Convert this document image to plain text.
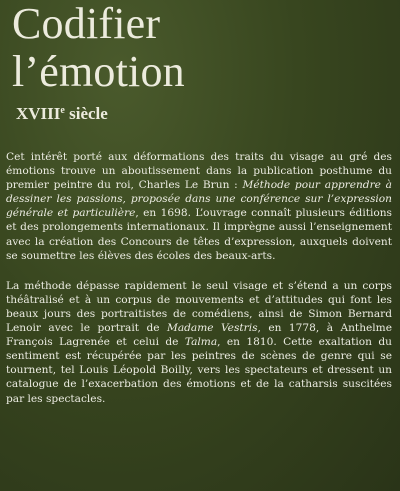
Codifier
l’émotion
XVIIIe siècle

Cet intérêt porté aux déformations des traits du visage au gré des émotions trouve un aboutissement dans la publication posthume du premier peintre du roi, Charles Le Brun : Méthode pour apprendre à dessiner les passions, proposée dans une conférence sur l’expression générale et particulière, en 1698. L’ouvrage connaît plusieurs éditions et des prolongements internationaux. Il imprègne aussi l’enseignement avec la création des Concours de têtes d’expression, auxquels doivent se soumettre les élèves des écoles des beaux-arts.

La méthode dépasse rapidement le seul visage et s’étend a un corps théâtralisé et à un corpus de mouvements et d’attitudes qui font les beaux jours des portraitistes de comédiens, ainsi de Simon Bernard Lenoir avec le portrait de Madame Vestris, en 1778, à Anthelme François Lagrenée et celui de Talma, en 1810. Cette exaltation du sentiment est récupérée par les peintres de scènes de genre qui se tournent, tel Louis Léopold Boilly, vers les spectateurs et dressent un catalogue de l’exacerbation des émotions et de la catharsis suscitées par les spectacles.
